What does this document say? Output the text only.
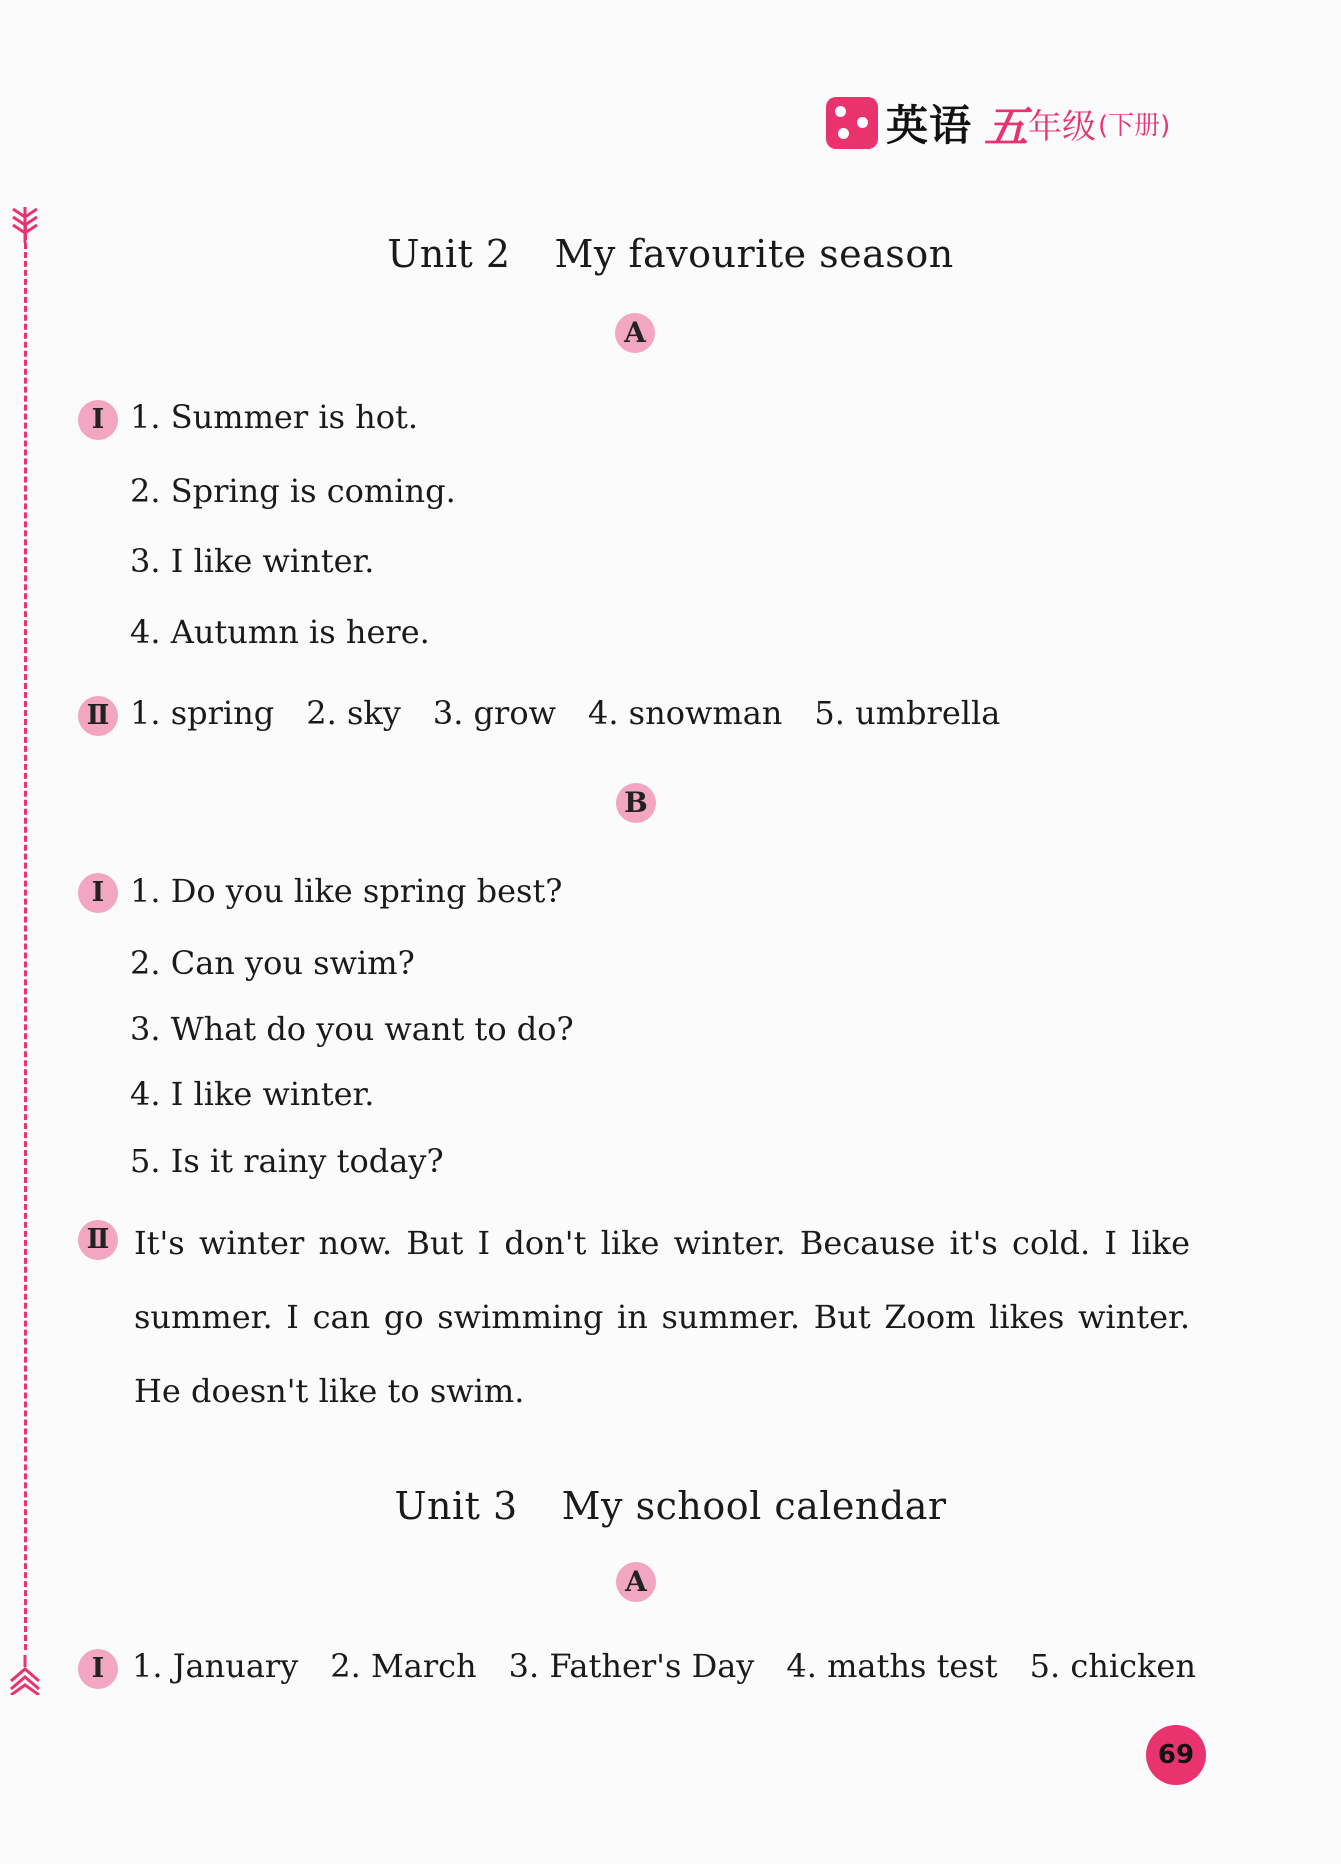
英语 五 年级 (下册)
Unit 2 My favourite season
A
Ⅰ 1. Summer is hot.
2. Spring is coming.
3. I like winter.
4. Autumn is here.
Ⅱ 1. spring 2. sky 3. grow 4. snowman 5. umbrella
B
Ⅰ 1. Do you like spring best?
2. Can you swim?
3. What do you want to do?
4. I like winter.
5. Is it rainy today?
Ⅱ It's winter now. But I don't like winter. Because it's cold. I like summer. I can go swimming in summer. But Zoom likes winter. He doesn't like to swim.
Unit 3 My school calendar
A
Ⅰ 1. January 2. March 3. Father's Day 4. maths test 5. chicken
69
